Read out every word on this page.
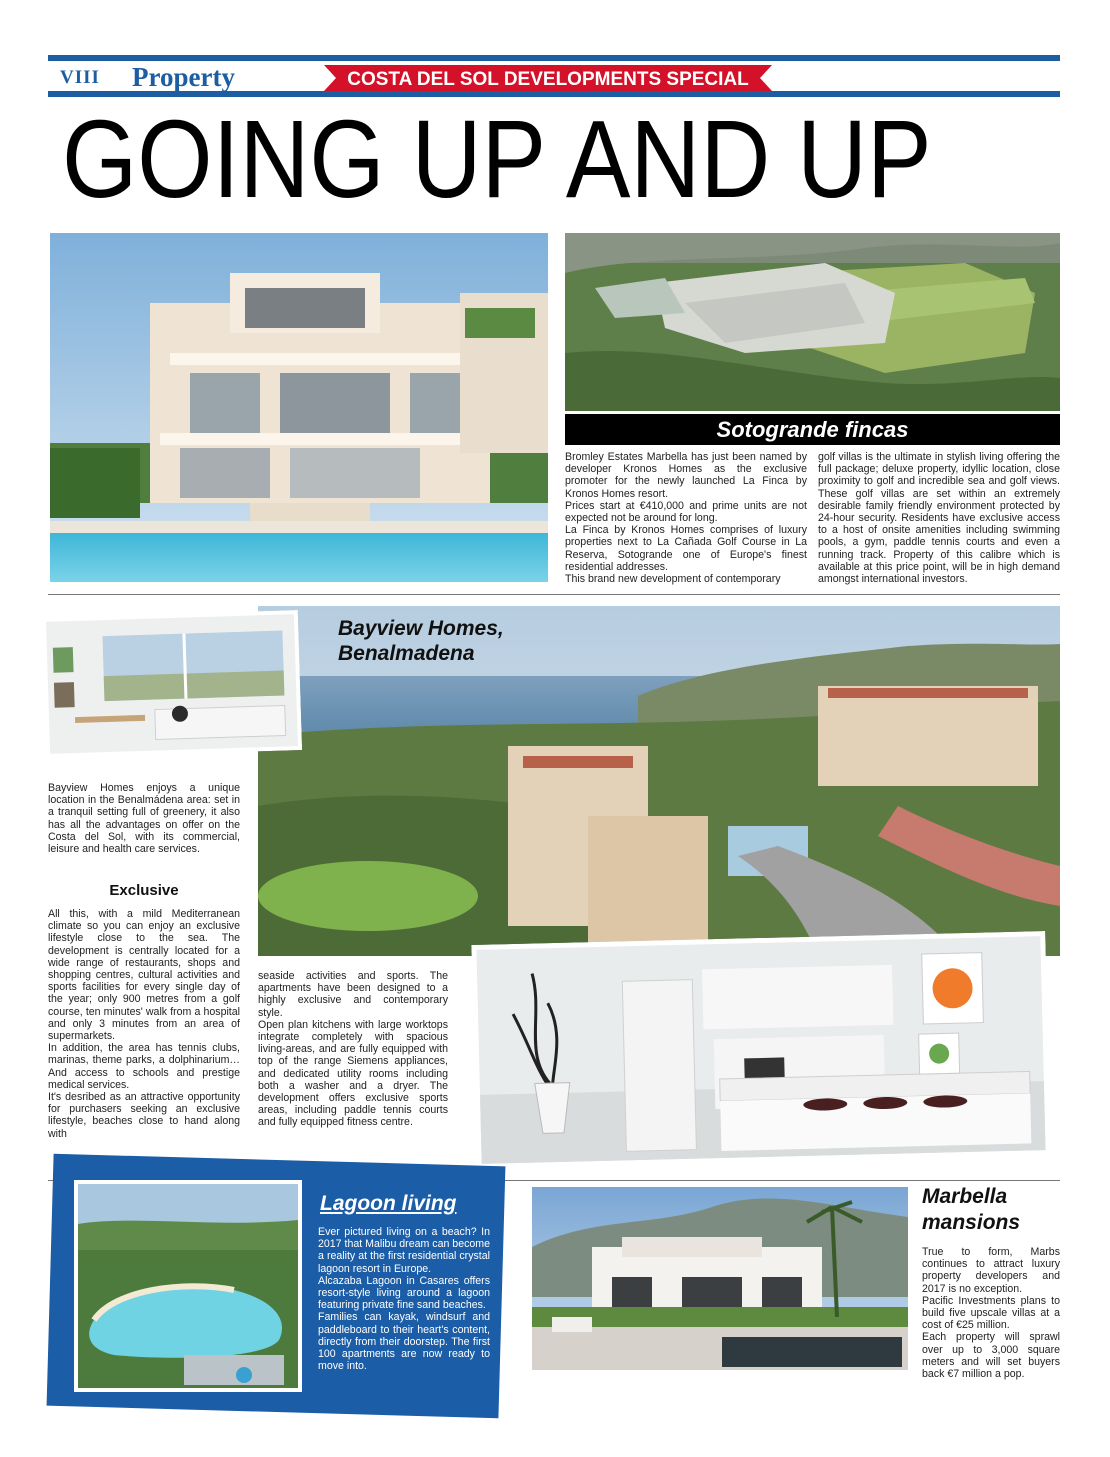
VIII Property	COSTA DEL SOL DEVELOPMENTS SPECIAL
GOING UP AND UP
Sotogrande fincas

Bromley Estates Marbella has just been named by developer Kronos Homes as the exclusive promoter for the newly launched La Finca by Kronos Homes resort.

Prices start at €410,000 and prime units are not expected not be around for long.

La Finca by Kronos Homes comprises of luxury properties next to La Cañada Golf Course in La Reserva, Sotogrande one of Europe's finest residential addresses.

This brand new development of contemporary

golf villas is the ultimate in stylish living offering the full package; deluxe property, idyllic location, close proximity to golf and incredible sea and golf views. These golf villas are set within an extremely desirable family friendly environment protected by 24-hour security. Residents have exclusive access to a host of onsite amenities including swimming pools, a gym, paddle tennis courts and even a running track. Property of this calibre which is available at this price point, will be in high demand amongst international investors.

Bayview Homes,
Benalmadena

Bayview Homes enjoys a unique location in the Benalmádena area: set in a tranquil setting full of greenery, it also has all the advantages on offer on the Costa del Sol, with its commercial, leisure and health care services.

Exclusive

All this, with a mild Mediterranean climate so you can enjoy an exclusive lifestyle close to the sea. The development is centrally located for a wide range of restaurants, shops and shopping centres, cultural activities and sports facilities for every single day of the year; only 900 metres from a golf course, ten minutes' walk from a hospital and only 3 minutes from an area of supermarkets.

In addition, the area has tennis clubs, marinas, theme parks, a dolphinarium… And access to schools and prestige medical services.

It's desribed as an attractive opportunity for purchasers seeking an exclusive lifestyle, beaches close to hand along with

seaside activities and sports. The apartments have been designed to a highly exclusive and contemporary style.

Open plan kitchens with large worktops integrate completely with spacious living-areas, and are fully equipped with top of the range Siemens appliances, and dedicated utility rooms including both a washer and a dryer. The development offers exclusive sports areas, including paddle tennis courts and fully equipped fitness centre.

Lagoon living

Ever pictured living on a beach? In 2017 that Malibu dream can become a reality at the first residential crystal lagoon resort in Europe.

Alcazaba Lagoon in Casares offers resort-style living around a lagoon featuring private fine sand beaches.

Families can kayak, windsurf and paddleboard to their heart's content, directly from their doorstep. The first 100 apartments are now ready to move into.

Marbella
mansions

True to form, Marbs continues to attract luxury property developers and 2017 is no exception.

Pacific Investments plans to build five upscale villas at a cost of €25 million.

Each property will sprawl over up to 3,000 square meters and will set buyers back €7 million a pop.
